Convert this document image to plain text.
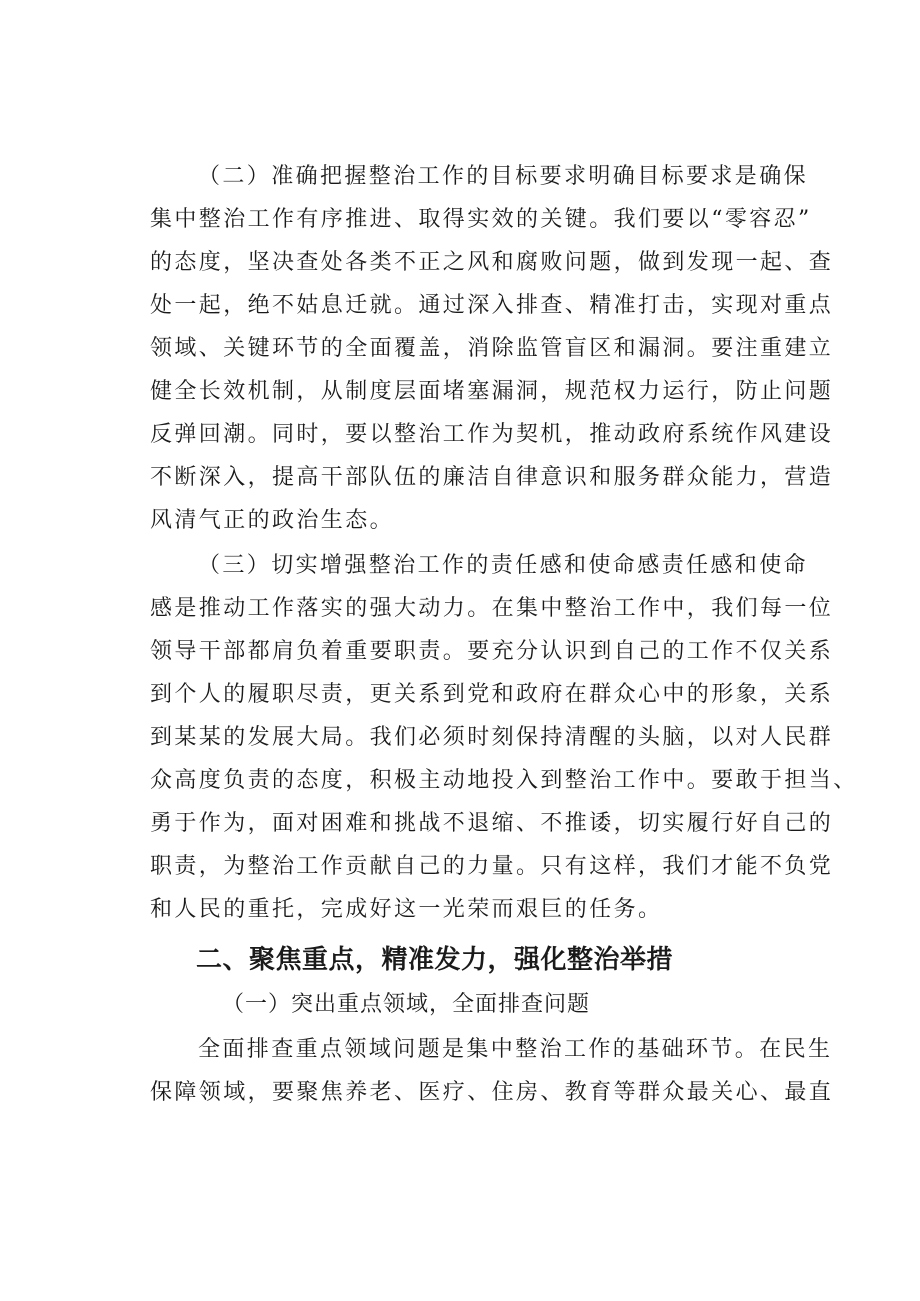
（二）准确把握整治工作的目标要求明确目标要求是确保
集中整治工作有序推进、取得实效的关键。我们要以“零容忍”
的态度，坚决查处各类不正之风和腐败问题，做到发现一起、查
处一起，绝不姑息迁就。通过深入排查、精准打击，实现对重点
领域、关键环节的全面覆盖，消除监管盲区和漏洞。要注重建立
健全长效机制，从制度层面堵塞漏洞，规范权力运行，防止问题
反弹回潮。同时，要以整治工作为契机，推动政府系统作风建设
不断深入，提高干部队伍的廉洁自律意识和服务群众能力，营造
风清气正的政治生态。
（三）切实增强整治工作的责任感和使命感责任感和使命
感是推动工作落实的强大动力。在集中整治工作中，我们每一位
领导干部都肩负着重要职责。要充分认识到自己的工作不仅关系
到个人的履职尽责，更关系到党和政府在群众心中的形象，关系
到某某的发展大局。我们必须时刻保持清醒的头脑，以对人民群
众高度负责的态度，积极主动地投入到整治工作中。要敢于担当、
勇于作为，面对困难和挑战不退缩、不推诿，切实履行好自己的
职责，为整治工作贡献自己的力量。只有这样，我们才能不负党
和人民的重托，完成好这一光荣而艰巨的任务。
二、聚焦重点，精准发力，强化整治举措
（一）突出重点领域，全面排查问题
全面排查重点领域问题是集中整治工作的基础环节。在民生
保障领域，要聚焦养老、医疗、住房、教育等群众最关心、最直
